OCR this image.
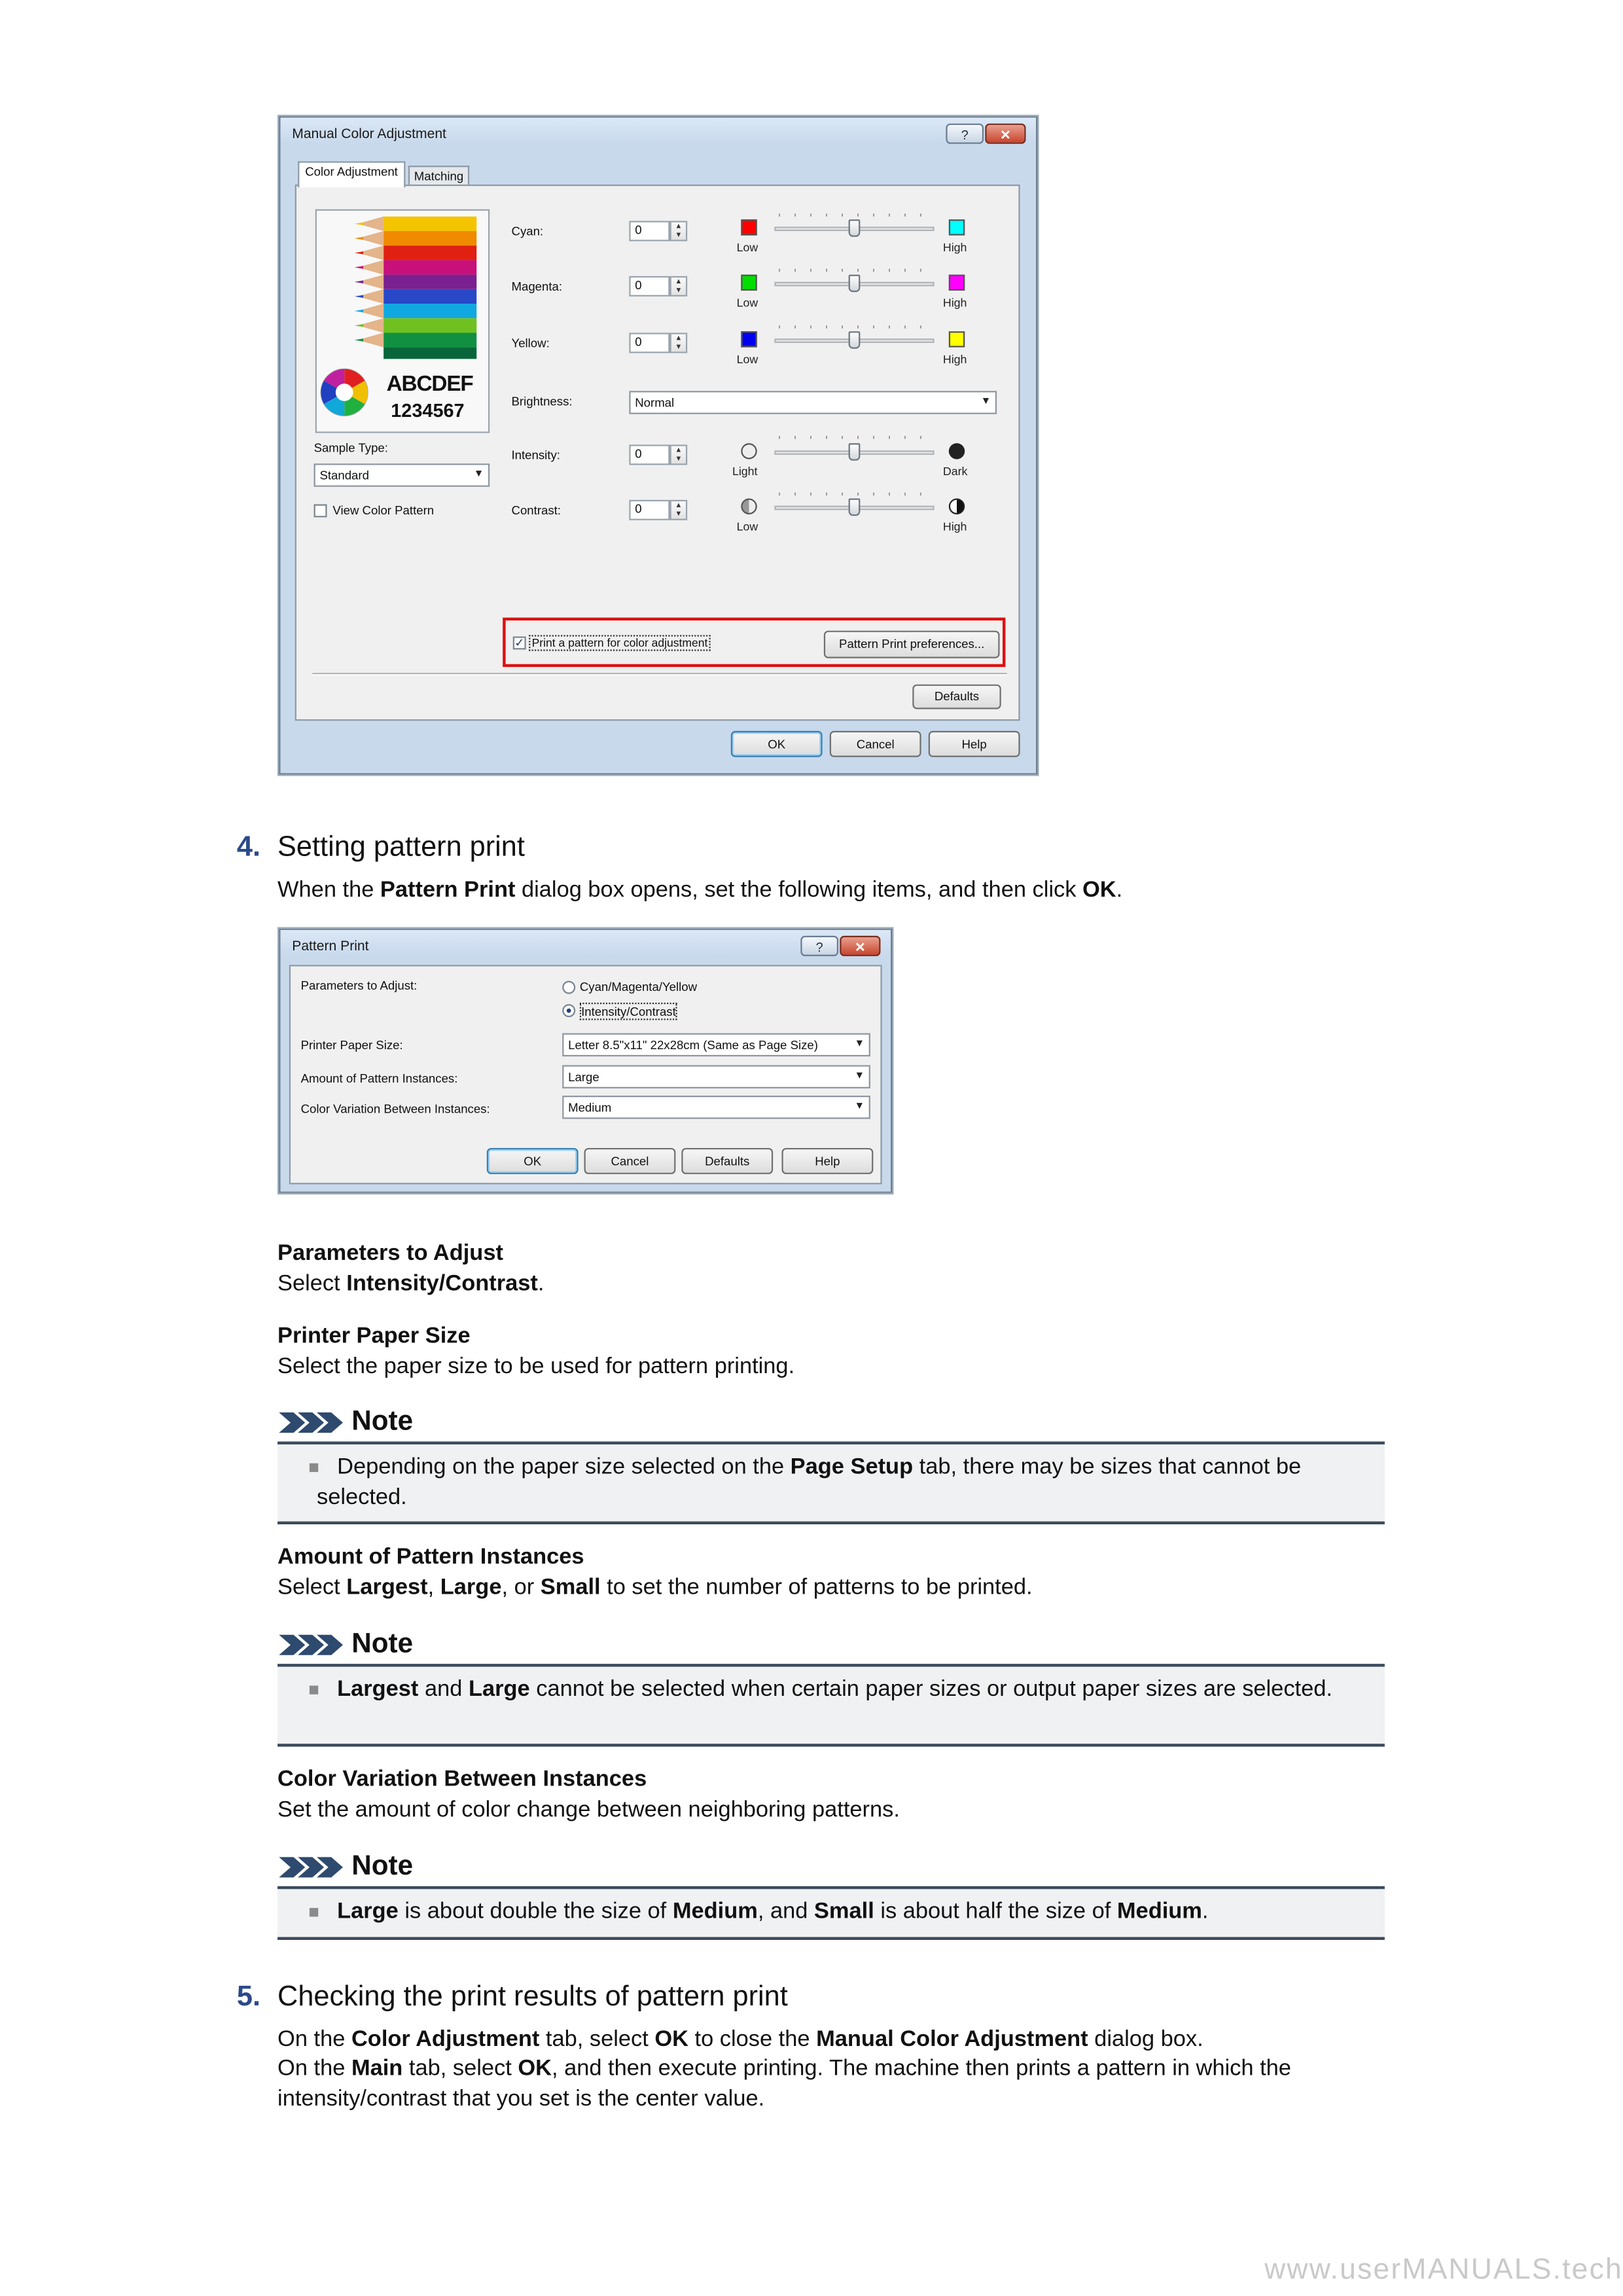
Manual Color Adjustment	?	✕
Color Adjustment	Matching
ABCDEF
1234567
Sample Type:
Standard	▼
View Color Pattern
Cyan:	0	▲
▼
Low	High
Magenta:	0	▲
▼
Low	High
Yellow:	0	▲
▼
Low	High
Brightness:	Normal	▼
Intensity:	0	▲
▼
Light	Dark
Contrast:	0	▲
▼
Low	High
✓	Print a pattern for color adjustment	Pattern Print preferences...
Defaults
OK	Cancel	Help
4. Setting pattern print
When the Pattern Print dialog box opens, set the following items, and then click OK.
Pattern Print	?	✕
Parameters to Adjust:	Cyan/Magenta/Yellow
Intensity/Contrast
Printer Paper Size:	Letter 8.5"x11" 22x28cm (Same as Page Size)	▼
Amount of Pattern Instances:	Large	▼
Color Variation Between Instances:	Medium	▼
OK	Cancel	Defaults	Help
Parameters to Adjust
Select Intensity/Contrast.
Printer Paper Size
Select the paper size to be used for pattern printing.
Note
Depending on the paper size selected on the Page Setup tab, there may be sizes that cannot be selected.
Amount of Pattern Instances
Select Largest, Large, or Small to set the number of patterns to be printed.
Note
Largest and Large cannot be selected when certain paper sizes or output paper sizes are selected.
Color Variation Between Instances
Set the amount of color change between neighboring patterns.
Note
Large is about double the size of Medium, and Small is about half the size of Medium.
5. Checking the print results of pattern print
On the Color Adjustment tab, select OK to close the Manual Color Adjustment dialog box.
On the Main tab, select OK, and then execute printing. The machine then prints a pattern in which the intensity/contrast that you set is the center value.
www.userMANUALS.tech
